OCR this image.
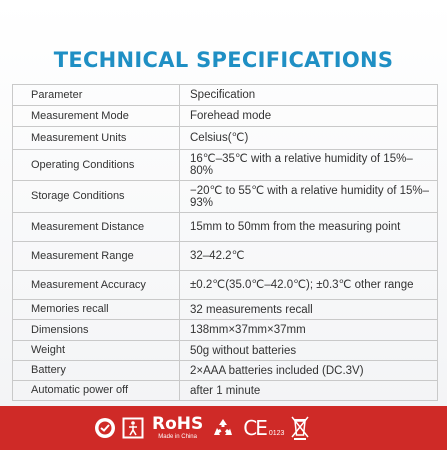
TECHNICAL SPECIFICATIONS
Parameter	Specification
Measurement Mode	Forehead mode
Measurement Units	Celsius(℃)
Operating Conditions	16℃–35℃ with a relative humidity of 15%–80%
Storage Conditions	−20℃ to 55℃ with a relative humidity of 15%–93%
Measurement Distance	15mm to 50mm from the measuring point
Measurement Range	32–42.2℃
Measurement Accuracy	±0.2℃(35.0℃–42.0℃); ±0.3℃ other range
Memories recall	32 measurements recall
Dimensions	138mm×37mm×37mm
Weight	50g without batteries
Battery	2×AAA batteries included (DC.3V)
Automatic power off	after 1 minute
RoHS
Made in China CE 0123
